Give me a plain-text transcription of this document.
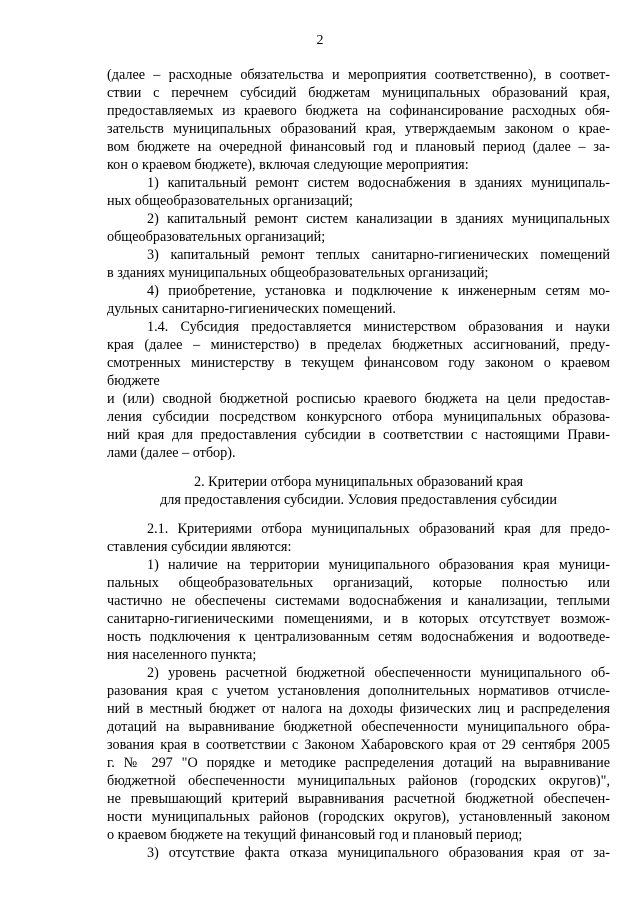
2
(далее – расходные обязательства и мероприятия соответственно), в соответ-
ствии с перечнем субсидий бюджетам муниципальных образований края,
предоставляемых из краевого бюджета на софинансирование расходных обя-
зательств муниципальных образований края, утверждаемым законом о крае-
вом бюджете на очередной финансовый год и плановый период (далее – за-
кон о краевом бюджете), включая следующие мероприятия:
1) капитальный ремонт систем водоснабжения в зданиях муниципаль-
ных общеобразовательных организаций;
2) капитальный ремонт систем канализации в зданиях муниципальных
общеобразовательных организаций;
3) капитальный ремонт теплых санитарно-гигиенических помещений
в зданиях муниципальных общеобразовательных организаций;
4) приобретение, установка и подключение к инженерным сетям мо-
дульных санитарно-гигиенических помещений.
1.4. Субсидия предоставляется министерством образования и науки
края (далее – министерство) в пределах бюджетных ассигнований, преду-
смотренных министерству в текущем финансовом году законом о краевом
бюджете
и (или) сводной бюджетной росписью краевого бюджета на цели предостав-
ления субсидии посредством конкурсного отбора муниципальных образова-
ний края для предоставления субсидии в соответствии с настоящими Прави-
лами (далее – отбор).
2. Критерии отбора муниципальных образований края
для предоставления субсидии. Условия предоставления субсидии
2.1. Критериями отбора муниципальных образований края для предо-
ставления субсидии являются:
1) наличие на территории муниципального образования края муници-
пальных общеобразовательных организаций, которые полностью или
частично не обеспечены системами водоснабжения и канализации, теплыми
санитарно-гигиеническими помещениями, и в которых отсутствует возмож-
ность подключения к централизованным сетям водоснабжения и водоотведе-
ния населенного пункта;
2) уровень расчетной бюджетной обеспеченности муниципального об-
разования края с учетом установления дополнительных нормативов отчисле-
ний в местный бюджет от налога на доходы физических лиц и распределения
дотаций на выравнивание бюджетной обеспеченности муниципального обра-
зования края в соответствии с Законом Хабаровского края от 29 сентября 2005
г. № 297 "О порядке и методике распределения дотаций на выравнивание
бюджетной обеспеченности муниципальных районов (городских округов)",
не превышающий критерий выравнивания расчетной бюджетной обеспечен-
ности муниципальных районов (городских округов), установленный законом
о краевом бюджете на текущий финансовый год и плановый период;
3) отсутствие факта отказа муниципального образования края от за-
